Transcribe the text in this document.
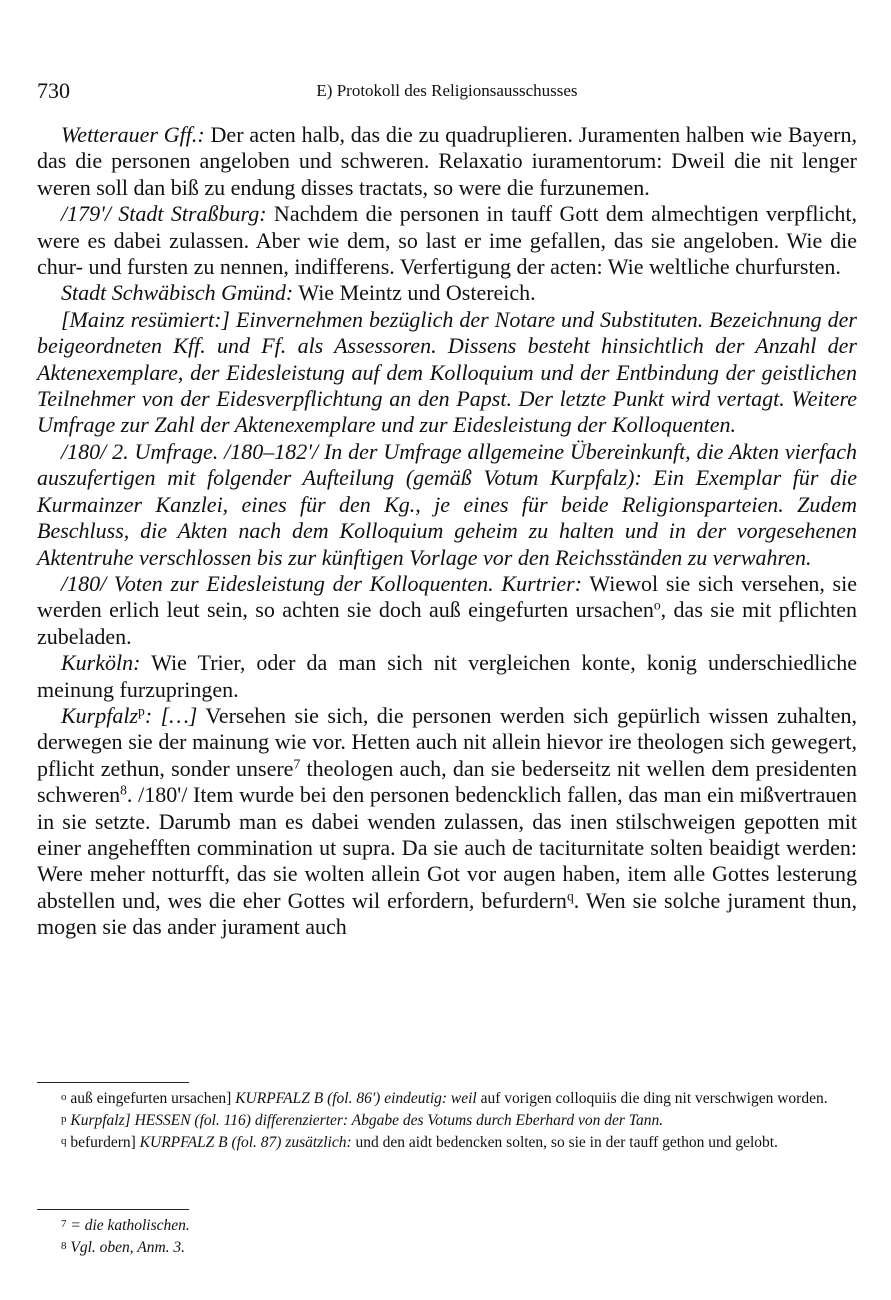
730	E) Protokoll des Religionsausschusses

Wetterauer Gff.: Der acten halb, das die zu quadruplieren. Juramenten halben wie Bayern, das die personen angeloben und schweren. Relaxatio iuramentorum: Dweil die nit lenger weren soll dan biß zu endung disses tractats, so were die furzunemen.

/179'/ Stadt Straßburg: Nachdem die personen in tauff Gott dem almechtigen verpflicht, were es dabei zulassen. Aber wie dem, so last er ime gefallen, das sie angeloben. Wie die chur- und fursten zu nennen, indifferens. Verfertigung der acten: Wie weltliche churfursten.

Stadt Schwäbisch Gmünd: Wie Meintz und Ostereich.

[Mainz resümiert:] Einvernehmen bezüglich der Notare und Substituten. Bezeichnung der beigeordneten Kff. und Ff. als Assessoren. Dissens besteht hinsichtlich der Anzahl der Aktenexemplare, der Eidesleistung auf dem Kolloquium und der Entbindung der geistlichen Teilnehmer von der Eidesverpflichtung an den Papst. Der letzte Punkt wird vertagt. Weitere Umfrage zur Zahl der Aktenexemplare und zur Eidesleistung der Kolloquenten.

/180/ 2. Umfrage. /180–182'/ In der Umfrage allgemeine Übereinkunft, die Akten vierfach auszufertigen mit folgender Aufteilung (gemäß Votum Kurpfalz): Ein Exemplar für die Kurmainzer Kanzlei, eines für den Kg., je eines für beide Religionsparteien. Zudem Beschluss, die Akten nach dem Kolloquium geheim zu halten und in der vorgesehenen Aktentruhe verschlossen bis zur künftigen Vorlage vor den Reichsständen zu verwahren.

/180/ Voten zur Eidesleistung der Kolloquenten. Kurtrier: Wiewol sie sich versehen, sie werden erlich leut sein, so achten sie doch auß eingefurten ursachen$^o$, das sie mit pflichten zubeladen.

Kurköln: Wie Trier, oder da man sich nit vergleichen konte, konig underschiedliche meinung furzupringen.

Kurpfalz$^p$: […] Versehen sie sich, die personen werden sich gepürlich wissen zuhalten, derwegen sie der mainung wie vor. Hetten auch nit allein hievor ire theologen sich gewegert, pflicht zethun, sonder unsere$^7$ theologen auch, dan sie bederseitz nit wellen dem presidenten schweren$^8$. /180'/ Item wurde bei den personen bedencklich fallen, das man ein mißvertrauen in sie setzte. Darumb man es dabei wenden zulassen, das inen stilschweigen gepotten mit einer angehefften commination ut supra. Da sie auch de taciturnitate solten beaidigt werden: Were meher notturfft, das sie wolten allein Got vor augen haben, item alle Gottes lesterung abstellen und, wes die eher Gottes wil erfordern, befurdern$^q$. Wen sie solche jurament thun, mogen sie das ander jurament auch

o auß eingefurten ursachen] KURPFALZ B (fol. 86') eindeutig: weil auf vorigen colloquiis die ding nit verschwigen worden.

p Kurpfalz] HESSEN (fol. 116) differenzierter: Abgabe des Votums durch Eberhard von der Tann.

q befurdern] KURPFALZ B (fol. 87) zusätzlich: und den aidt bedencken solten, so sie in der tauff gethon und gelobt.

7 = die katholischen.

8 Vgl. oben, Anm. 3.
